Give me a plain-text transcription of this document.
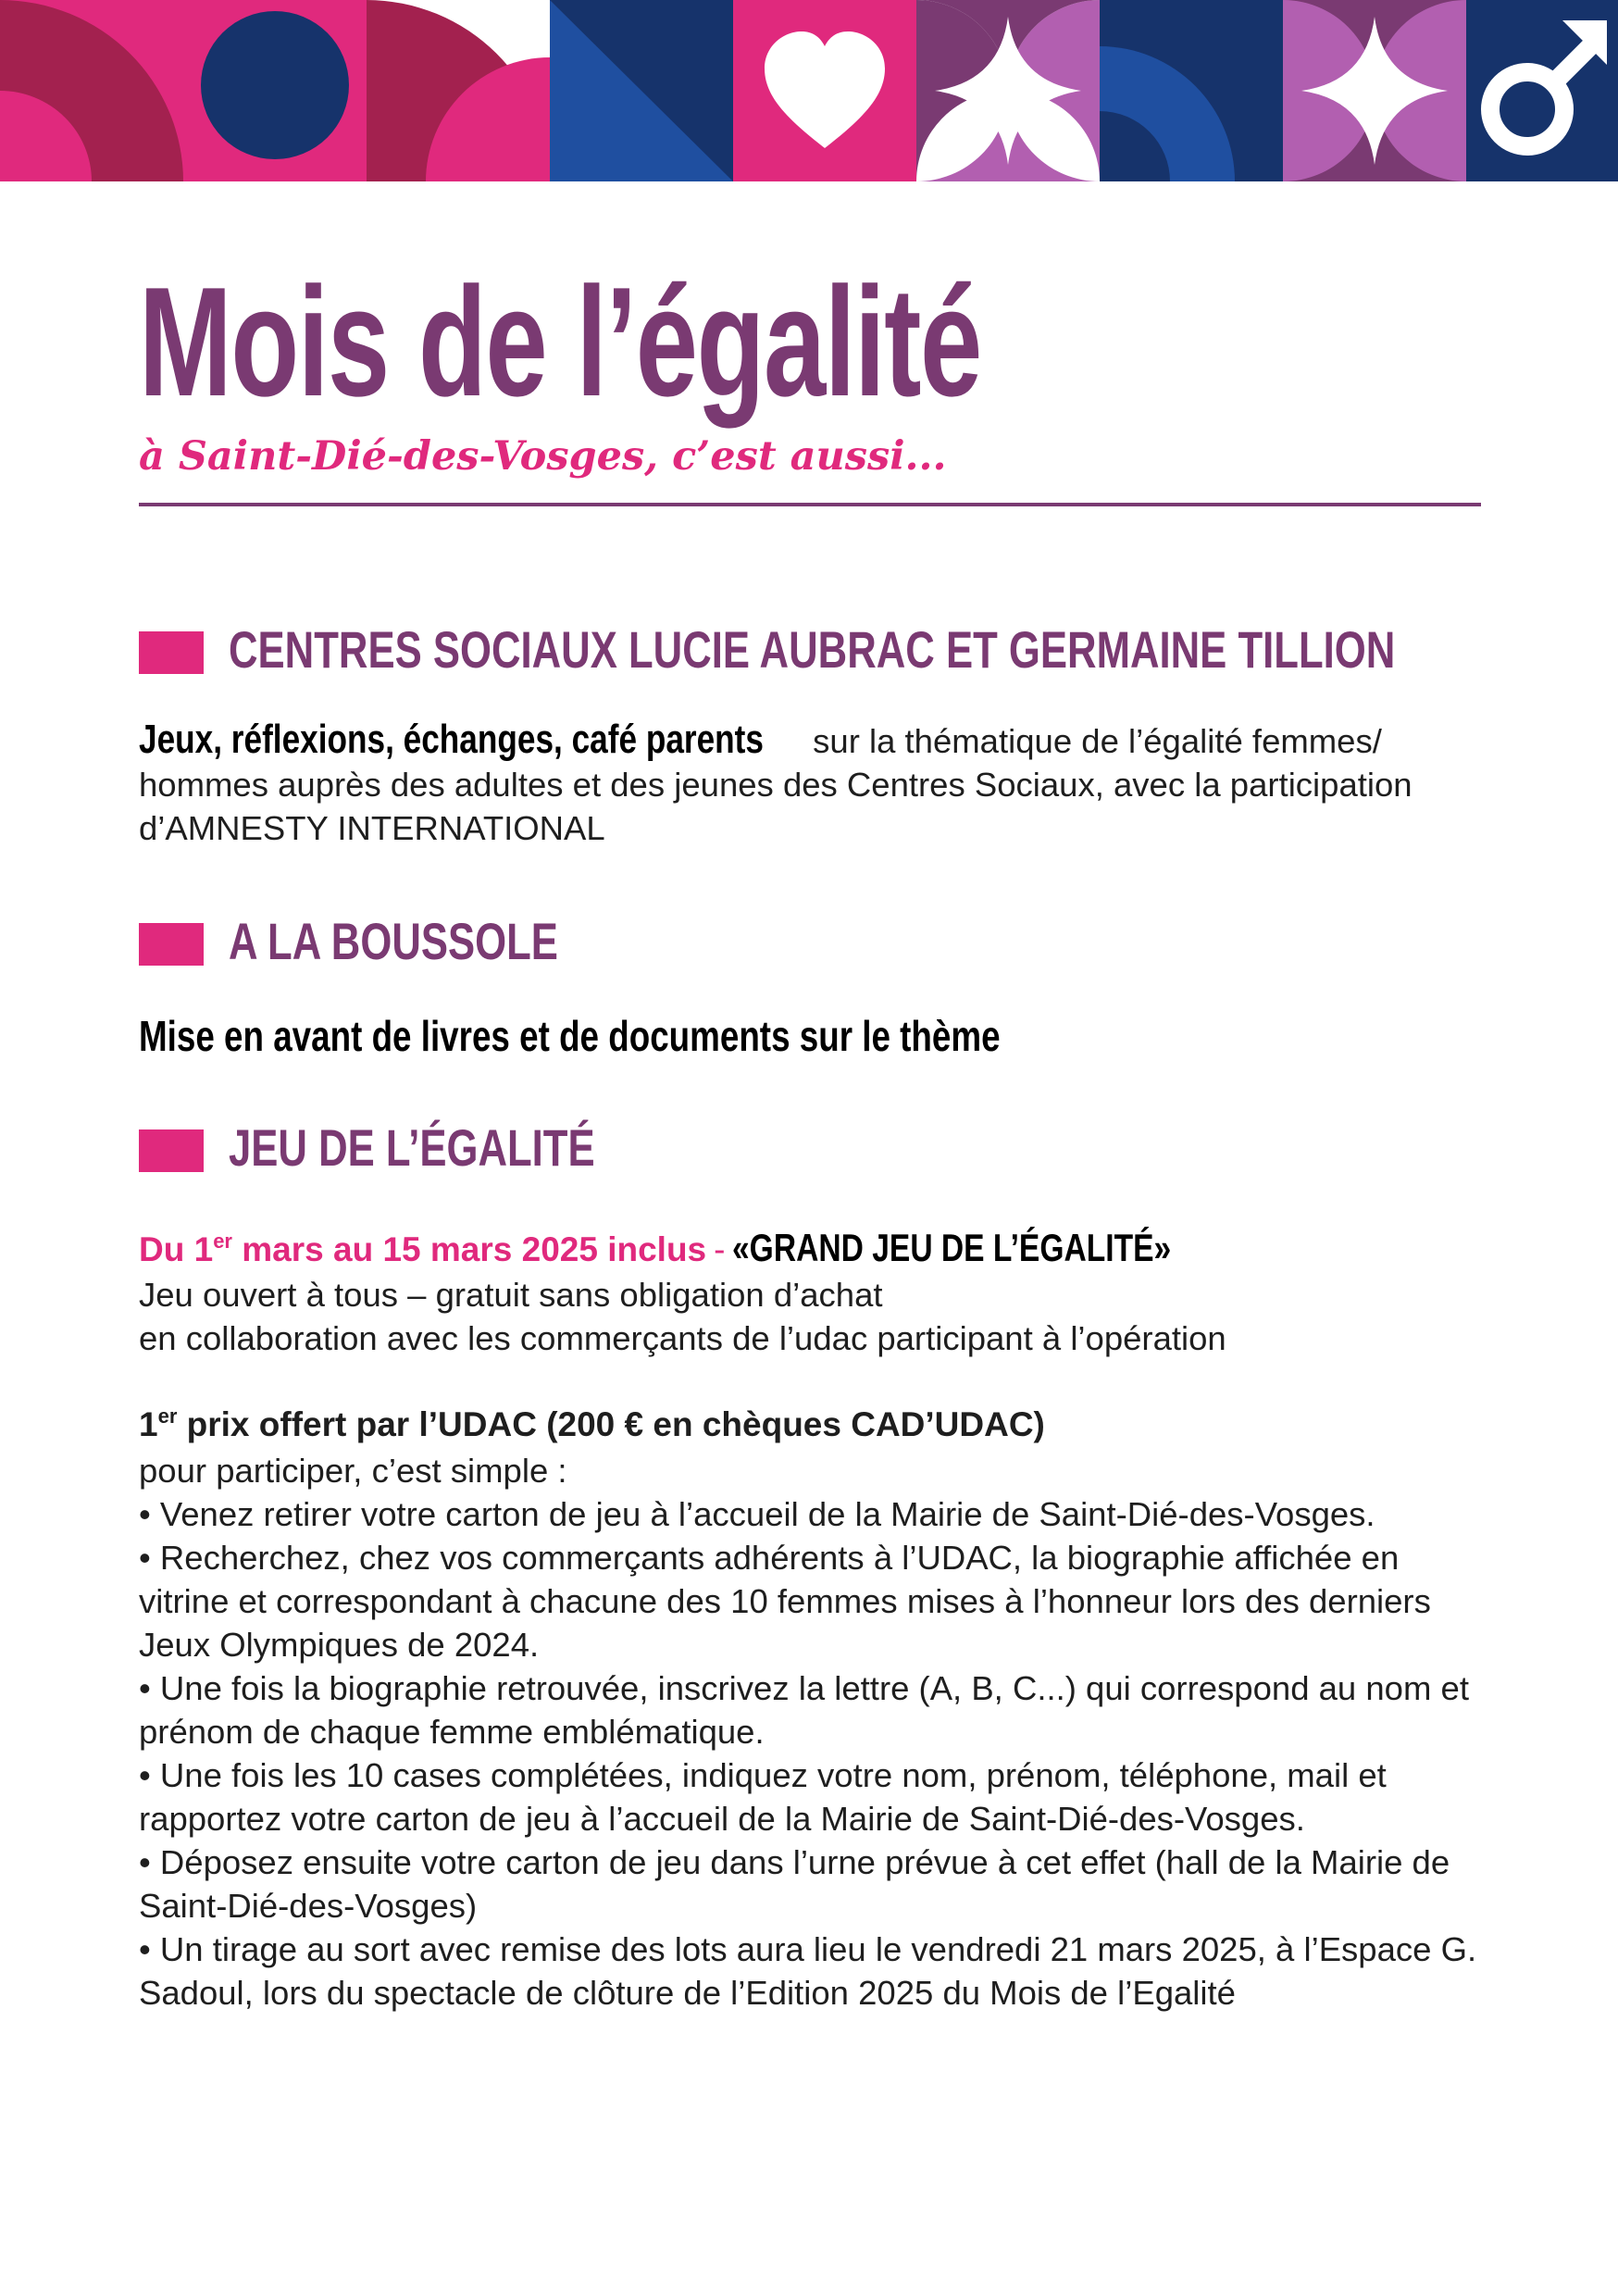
Mois de l’égalité
à Saint-Dié-des-Vosges, c’est aussi...
CENTRES SOCIAUX LUCIE AUBRAC ET GERMAINE TILLION

Jeux, réflexions, échanges, café parents sur la thématique de l’égalité femmes/ hommes auprès des adultes et des jeunes des Centres Sociaux, avec la participation d’AMNESTY INTERNATIONAL

A LA BOUSSOLE
Mise en avant de livres et de documents sur le thème
JEU DE L’ÉGALITÉ
Du 1er mars au 15 mars 2025 inclus - «GRAND JEU DE L’ÉGALITÉ»

Jeu ouvert à tous – gratuit sans obligation d’achat
en collaboration avec les commerçants de l’udac participant à l’opération

1er prix offert par l’UDAC (200 € en chèques CAD’UDAC)

pour participer, c’est simple :
• Venez retirer votre carton de jeu à l’accueil de la Mairie de Saint-Dié-des-Vosges.
• Recherchez, chez vos commerçants adhérents à l’UDAC, la biographie affichée en vitrine et correspondant à chacune des 10 femmes mises à l’honneur lors des derniers Jeux Olympiques de 2024.
• Une fois la biographie retrouvée, inscrivez la lettre (A, B, C...) qui correspond au nom et prénom de chaque femme emblématique.
• Une fois les 10 cases complétées, indiquez votre nom, prénom, téléphone, mail et rapportez votre carton de jeu à l’accueil de la Mairie de Saint-Dié-des-Vosges.
• Déposez ensuite votre carton de jeu dans l’urne prévue à cet effet (hall de la Mairie de Saint-Dié-des-Vosges)
• Un tirage au sort avec remise des lots aura lieu le vendredi 21 mars 2025, à l’Espace G. Sadoul, lors du spectacle de clôture de l’Edition 2025 du Mois de l’Egalité
